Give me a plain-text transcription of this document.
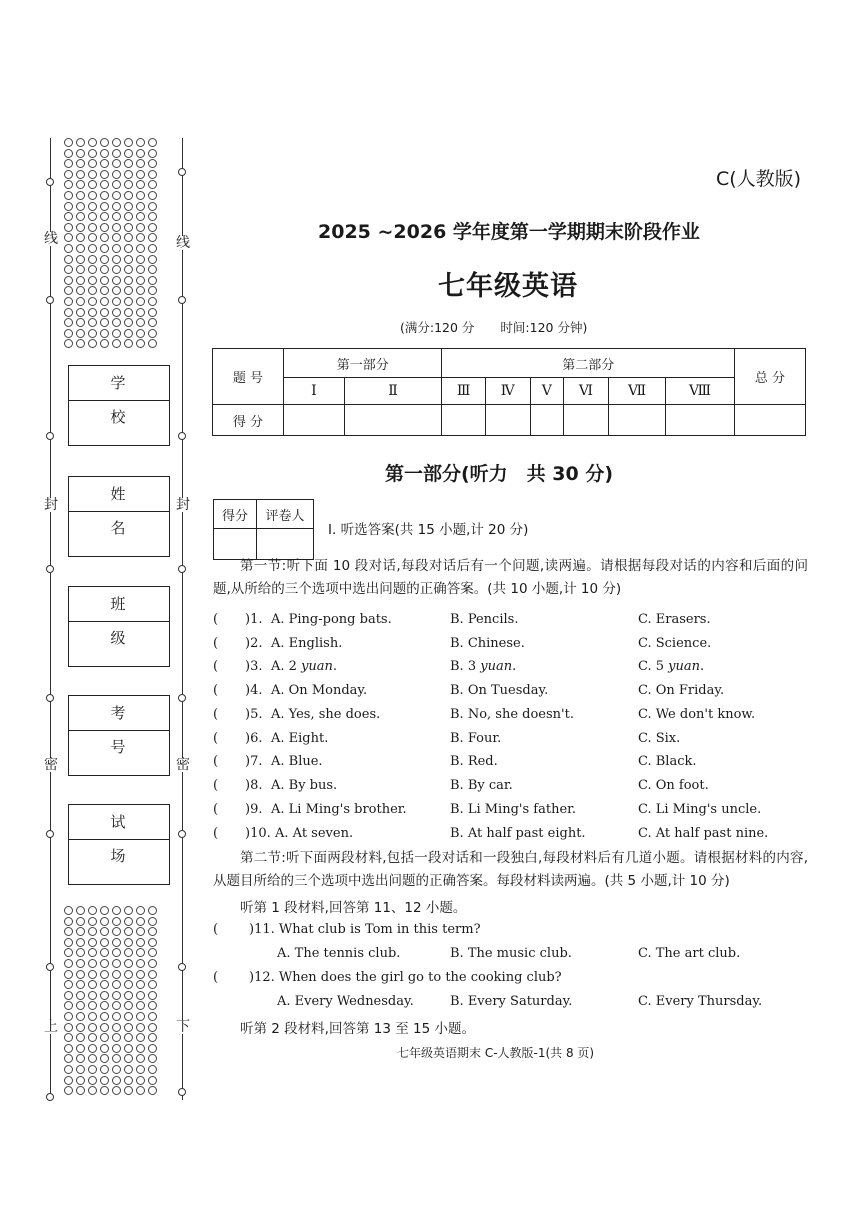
线
封
密
上
线
封
密
下
学 校
姓 名
班 级
考 号
试 场
C(人教版)
2025 ~2026 学年度第一学期期末阶段作业
七年级英语
(满分:120 分 时间:120 分钟)
题 号	第一部分		第二部分						总 分
	Ⅰ	Ⅱ	Ⅲ	Ⅳ	Ⅴ	Ⅵ	Ⅶ	Ⅷ	
得 分									
第一部分(听力　共 30 分)
得分	评卷人

Ⅰ. 听选答案(共 15 小题,计 20 分)
第一节:听下面 10 段对话,每段对话后有一个问题,读两遍。请根据每段对话的内容和后面的问题,从所给的三个选项中选出问题的正确答案。(共 10 小题,计 10 分)
( )1. A. Ping-pong bats.	B. Pencils.	C. Erasers.
( )2. A. English.	B. Chinese.	C. Science.
( )3. A. 2 yuan.	B. 3 yuan.	C. 5 yuan.
( )4. A. On Monday.	B. On Tuesday.	C. On Friday.
( )5. A. Yes, she does.	B. No, she doesn't.	C. We don't know.
( )6. A. Eight.	B. Four.	C. Six.
( )7. A. Blue.	B. Red.	C. Black.
( )8. A. By bus.	B. By car.	C. On foot.
( )9. A. Li Ming's brother.	B. Li Ming's father.	C. Li Ming's uncle.
( )10. A. At seven.	B. At half past eight.	C. At half past nine.
第二节:听下面两段材料,包括一段对话和一段独白,每段材料后有几道小题。请根据材料的内容,从题目所给的三个选项中选出问题的正确答案。每段材料读两遍。(共 5 小题,计 10 分)
听第 1 段材料,回答第 11、12 小题。
( )11. What club is Tom in this term?
A. The tennis club.	B. The music club.	C. The art club.
( )12. When does the girl go to the cooking club?
A. Every Wednesday.	B. Every Saturday.	C. Every Thursday.
听第 2 段材料,回答第 13 至 15 小题。
七年级英语期末 C-人教版-1(共 8 页)
